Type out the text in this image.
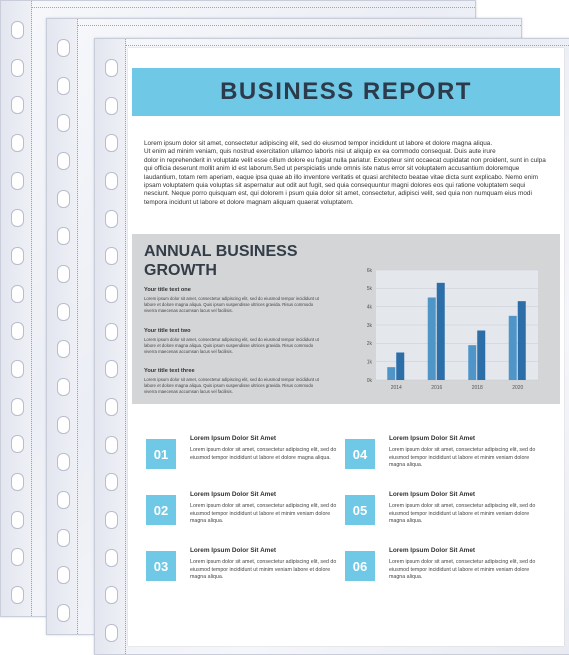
BUSINESS REPORT
Lorem ipsum dolor sit amet, consectetur adipiscing elit, sed do eiusmod tempor incididunt ut labore et dolore magna aliqua.
Ut enim ad minim veniam, quis nostrud exercitation ullamco laboris nisi ut aliquip ex ea commodo consequat. Duis aute irure
dolor in reprehenderit in voluptate velit esse cillum dolore eu fugiat nulla pariatur. Excepteur sint occaecat cupidatat non proident, sunt in culpa qui officia deserunt mollit anim id est laborum.Sed ut perspiciatis unde omnis iste natus error sit voluptatem accusantium doloremque laudantium, totam rem aperiam, eaque ipsa quae ab illo inventore veritatis et quasi architecto beatae vitae dicta sunt explicabo. Nemo enim ipsam voluptatem quia voluptas sit aspernatur aut odit aut fugit, sed quia consequuntur magni dolores eos qui ratione voluptatem sequi nesciunt. Neque porro quisquam est, qui dolorem i psum quia dolor sit amet, consectetur, adipisci velit, sed quia non numquam eius modi tempora incidunt ut labore et dolore magnam aliquam quaerat voluptatem.
ANNUAL BUSINESS GROWTH
Your title text one
Lorem ipsum dolor sit amet, consectetur adipiscing elit, sed do eiusmod tempor incididunt ut labore et dolore magna aliqua. Quis ipsum suspendisse ultrices gravida. Risus commodo viverra maecenas accumsan lacus vel facilisis.
Your title text two
Lorem ipsum dolor sit amet, consectetur adipiscing elit, sed do eiusmod tempor incididunt ut labore et dolore magna aliqua. Quis ipsum suspendisse ultrices gravida. Risus commodo viverra maecenas accumsan lacus vel facilisis.
Your title text three
Lorem ipsum dolor sit amet, consectetur adipiscing elit, sed do eiusmod tempor incididunt ut labore et dolore magna aliqua. Quis ipsum suspendisse ultrices gravida. Risus commodo viverra maecenas accumsan lacus vel facilisis.
0k
1k
2k
3k
4k
5k
6k
2014	2016	2018	2020
01
Lorem Ipsum Dolor Sit Amet
Lorem ipsum dolor sit amet, consectetur adipiscing elit, sed do eiusmod tempor incididunt ut labore et dolore magna aliqua.	04
Lorem Ipsum Dolor Sit Amet
Lorem ipsum dolor sit amet, consectetur adipiscing elit, sed do eiusmod tempor incididunt ut labore et minim veniam dolore magna aliqua.
02
Lorem Ipsum Dolor Sit Amet
Lorem ipsum dolor sit amet, consectetur adipiscing elit, sed do eiusmod tempor incididunt ut labore et minim veniam dolore magna aliqua.
05
Lorem Ipsum Dolor Sit Amet
Lorem ipsum dolor sit amet, consectetur adipiscing elit, sed do eiusmod tempor incididunt ut labore et minim veniam dolore magna aliqua.
03
Lorem Ipsum Dolor Sit Amet
Lorem ipsum dolor sit amet, consectetur adipiscing elit, sed do eiusmod tempor incididunt ut minim veniam labore et dolore magna aliqua.
06
Lorem Ipsum Dolor Sit Amet
Lorem ipsum dolor sit amet, consectetur adipiscing elit, sed do eiusmod tempor incididunt ut labore et minim veniam dolore magna aliqua.
